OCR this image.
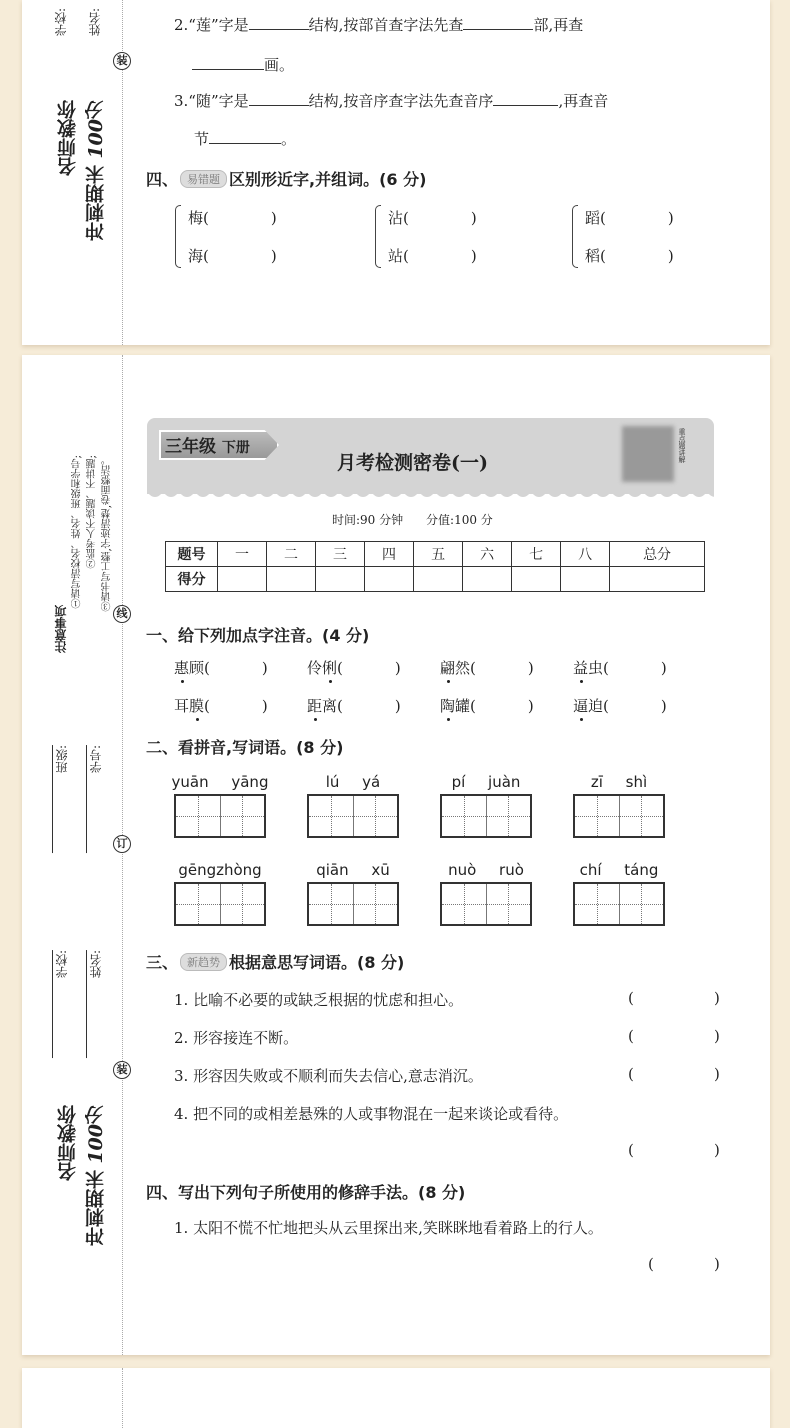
学校: 姓名:
装
名师教你
冲刺期末 100分
2.“莲”字是	结构,按部首查字法先查	部,再查
画。
3.“随”字是	结构,按音序查字法先查音序	,再查音
节	。
四、 易错题 区别形近字,并组词。(6 分)
梅(	)
海(	)
沾(	)
站(	)
蹈(	)
稻(	)
注意事项
①请写清校名、姓名、班级和学号; ②监考人不读题、不讲题; ③请书写工整,字迹清楚,卷面整洁。
线
班级: 学号:
订
学校: 姓名:
装
名师教你
冲刺期末 100分
三年级 下册
月考检测密卷(一)	重点题讲解
时间:90 分钟 分值:100 分
题号	一	二	三	四	五	六	七	八	总分
得分									
一、给下列加点字注音。(4 分)
惠顾(	)	伶俐(	)	翩然(	)	益虫(	)
耳膜(	)	距离(	)	陶罐(	)	逼迫(	)
二、看拼音,写词语。(8 分)
yuān yāng	lú yá	pí juàn	zī shì
gēngzhòng	qiān xū	nuò ruò	chí táng
三、 新趋势 根据意思写词语。(8 分)
1. 比喻不必要的或缺乏根据的忧虑和担心。	(	)
2. 形容接连不断。	(	)
3. 形容因失败或不顺利而失去信心,意志消沉。	(	)
4. 把不同的或相差悬殊的人或事物混在一起来谈论或看待。
(	)
四、写出下列句子所使用的修辞手法。(8 分)
1. 太阳不慌不忙地把头从云里探出来,笑眯眯地看着路上的行人。
(	)
